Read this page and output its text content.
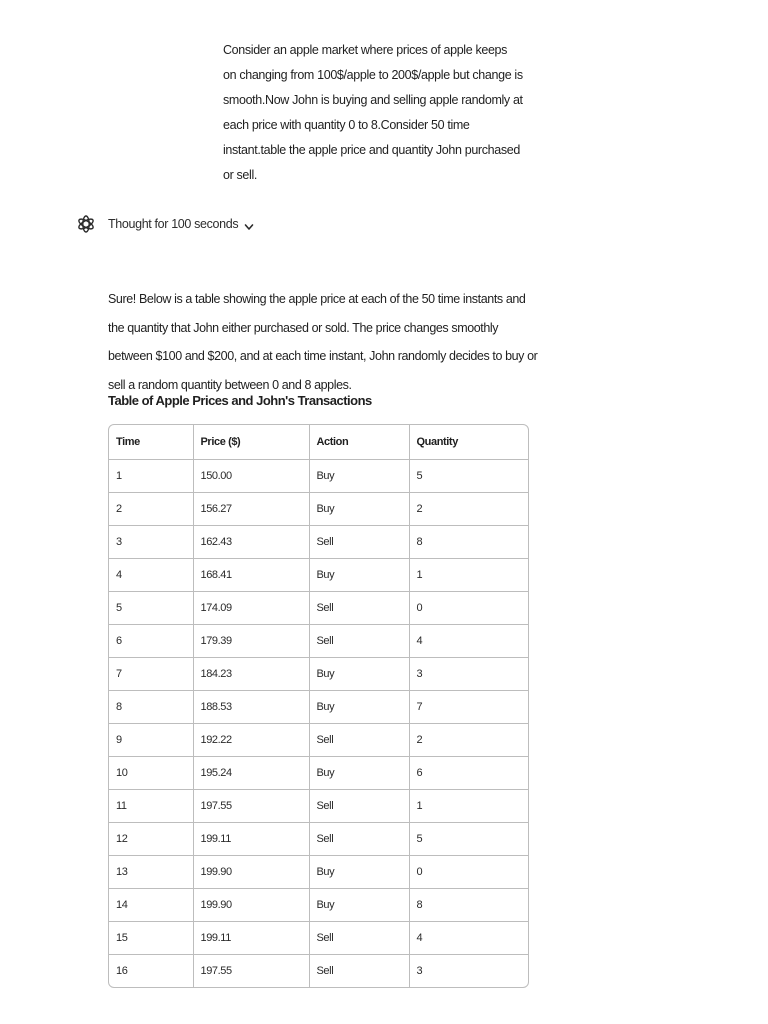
Consider an apple market where prices of apple keeps on changing from 100$/apple to 200$/apple but change is smooth.Now John is buying and selling apple randomly at each price with quantity 0 to 8.Consider 50 time instant.table the apple price and quantity John purchased or sell.
Thought for 100 seconds
Sure! Below is a table showing the apple price at each of the 50 time instants and the quantity that John either purchased or sold. The price changes smoothly between $100 and $200, and at each time instant, John randomly decides to buy or sell a random quantity between 0 and 8 apples.
Table of Apple Prices and John's Transactions
Time	Price ($)	Action	Quantity
1	150.00	Buy	5
2	156.27	Buy	2
3	162.43	Sell	8
4	168.41	Buy	1
5	174.09	Sell	0
6	179.39	Sell	4
7	184.23	Buy	3
8	188.53	Buy	7
9	192.22	Sell	2
10	195.24	Buy	6
11	197.55	Sell	1
12	199.11	Sell	5
13	199.90	Buy	0
14	199.90	Buy	8
15	199.11	Sell	4
16	197.55	Sell	3
